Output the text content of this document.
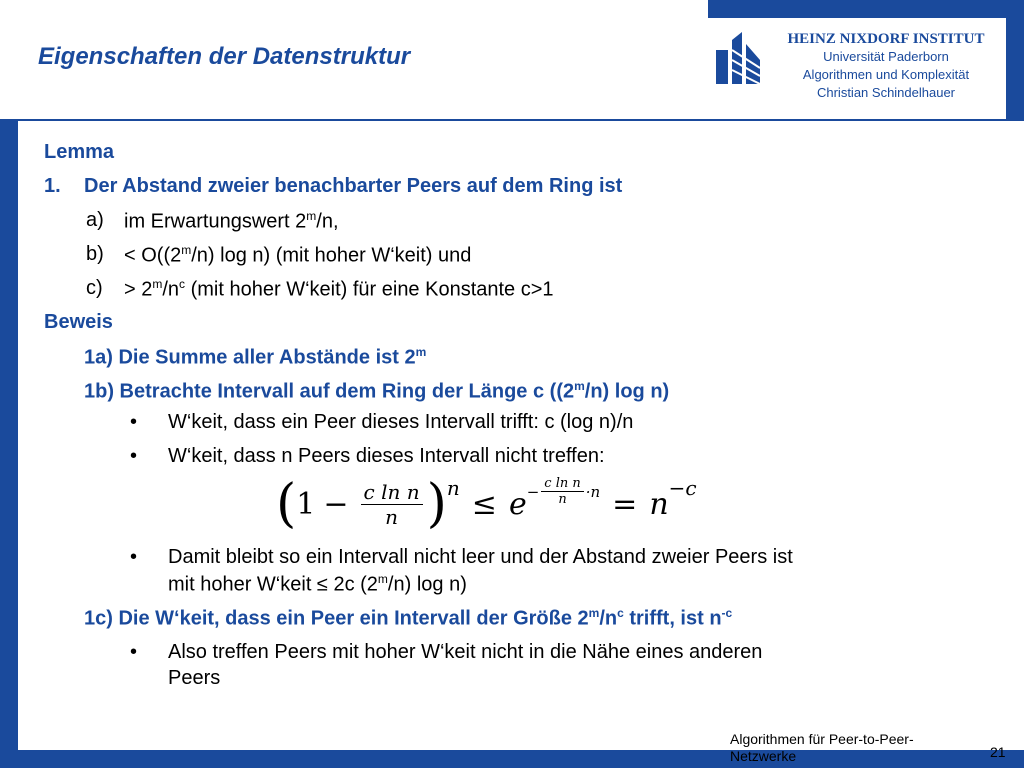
Eigenschaften der Datenstruktur
HEINZ NIXDORF INSTITUT
Universität Paderborn
Algorithmen und Komplexität
Christian Schindelhauer
Lemma
1. Der Abstand zweier benachbarter Peers auf dem Ring ist
a) im Erwartungswert 2$^m$/n,
$b) < O((2^m/n)$ log n) (mit hoher W‘keit) und
$c) > 2^m/n^c$ (mit hoher W‘keit) für eine Konstante c>1
Beweis
1a) Die Summe aller Abstände ist 2$^m$
1b) Betrachte Intervall auf dem Ring der Länge c ((2$^m$/n) log n)
• W‘keit, dass ein Peer dieses Intervall trifft: c (log n)/n
• W‘keit, dass n Peers dieses Intervall nicht treffen:
( $1 - \frac{\text{c ln n}}{n}$ ) $n \le e - \frac{\text{c ln n}}{n} \cdot n = n -c$
• Damit bleibt so ein Intervall nicht leer und der Abstand zweier Peers ist
mit hoher W‘keit ≤ 2c (2$^m$/n) log n)
1c) Die W‘keit, dass ein Peer ein Intervall der Größe $2^m/n^c$ trifft, ist $n^{-c}$
• Also treffen Peers mit hoher W‘keit nicht in die Nähe eines anderen
Peers
Algorithmen für Peer-to-Peer-Netzwerke	21
